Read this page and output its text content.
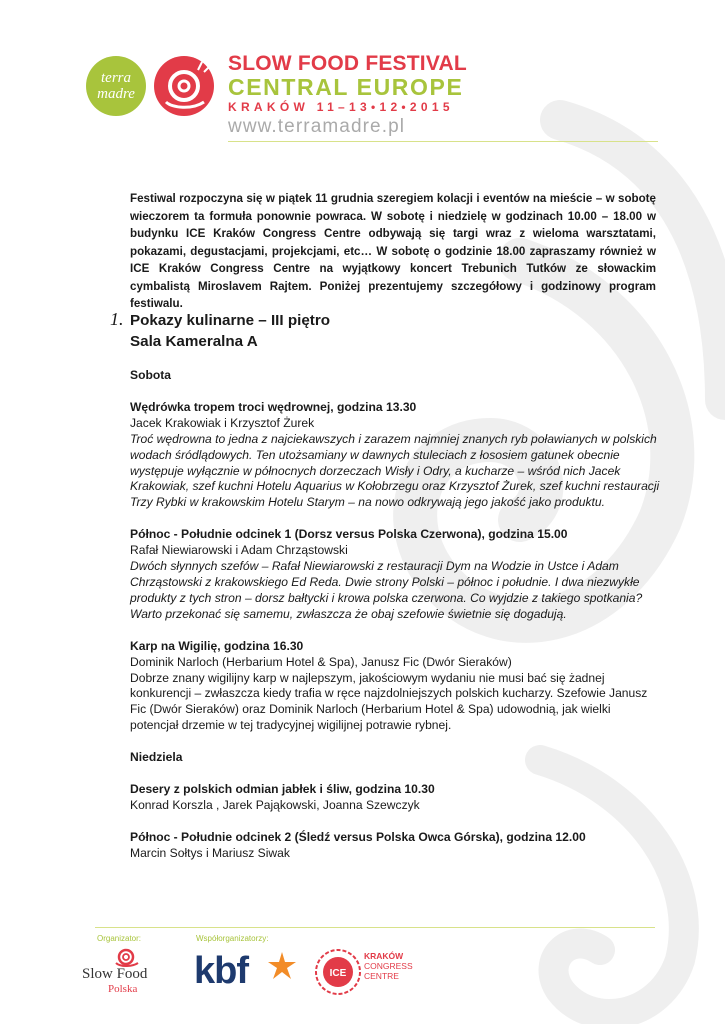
terra
madre
SLOW FOOD FESTIVAL
CENTRAL EUROPE
KRAKÓW 11–13•12•2015
www.terramadre.pl

Festiwal rozpoczyna się w piątek 11 grudnia szeregiem kolacji i eventów na mieście – w sobotę wieczorem ta formuła ponownie powraca. W sobotę i niedzielę w godzinach 10.00 – 18.00 w budynku ICE Kraków Congress Centre odbywają się targi wraz z wieloma warsztatami, pokazami, degustacjami, projekcjami, etc… W sobotę o godzinie 18.00 zapraszamy również w ICE Kraków Congress Centre na wyjątkowy koncert Trebunich Tutków ze słowackim cymbalistą Miroslavem Rajtem. Poniżej prezentujemy szczegółowy i godzinowy program festiwalu.

1. Pokazy kulinarne – III piętro
Sala Kameralna A
Sobota
Wędrówka tropem troci wędrownej, godzina 13.30
Jacek Krakowiak i Krzysztof Żurek
Troć wędrowna to jedna z najciekawszych i zarazem najmniej znanych ryb poławianych w polskich wodach śródlądowych. Ten utożsamiany w dawnych stuleciach z łososiem gatunek obecnie występuje wyłącznie w północnych dorzeczach Wisły i Odry, a kucharze – wśród nich Jacek Krakowiak, szef kuchni Hotelu Aquarius w Kołobrzegu oraz Krzysztof Żurek, szef kuchni restauracji Trzy Rybki w krakowskim Hotelu Starym – na nowo odkrywają jego jakość jako produktu.
Północ - Południe odcinek 1 (Dorsz versus Polska Czerwona), godzina 15.00
Rafał Niewiarowski i Adam Chrząstowski
Dwóch słynnych szefów – Rafał Niewiarowski z restauracji Dym na Wodzie in Ustce i Adam Chrząstowski z krakowskiego Ed Reda. Dwie strony Polski – północ i południe. I dwa niezwykłe produkty z tych stron – dorsz bałtycki i krowa polska czerwona. Co wyjdzie z takiego spotkania? Warto przekonać się samemu, zwłaszcza że obaj szefowie świetnie się dogadują.
Karp na Wigilię, godzina 16.30
Dominik Narloch (Herbarium Hotel & Spa), Janusz Fic (Dwór Sieraków)
Dobrze znany wigilijny karp w najlepszym, jakościowym wydaniu nie musi bać się żadnej konkurencji – zwłaszcza kiedy trafia w ręce najzdolniejszych polskich kucharzy. Szefowie Janusz Fic (Dwór Sieraków) oraz Dominik Narloch (Herbarium Hotel & Spa) udowodnią, jak wielki potencjał drzemie w tej tradycyjnej wigilijnej potrawie rybnej.
Niedziela
Desery z polskich odmian jabłek i śliw, godzina 10.30
Konrad Korszla , Jarek Pająkowski, Joanna Szewczyk
Północ - Południe odcinek 2 (Śledź versus Polska Owca Górska), godzina 12.00
Marcin Sołtys i Mariusz Siwak
Organizator:	Współorganizatorzy:
Slow Food
Polska kbf	ICE
KRAKÓW
CONGRESS
CENTRE
